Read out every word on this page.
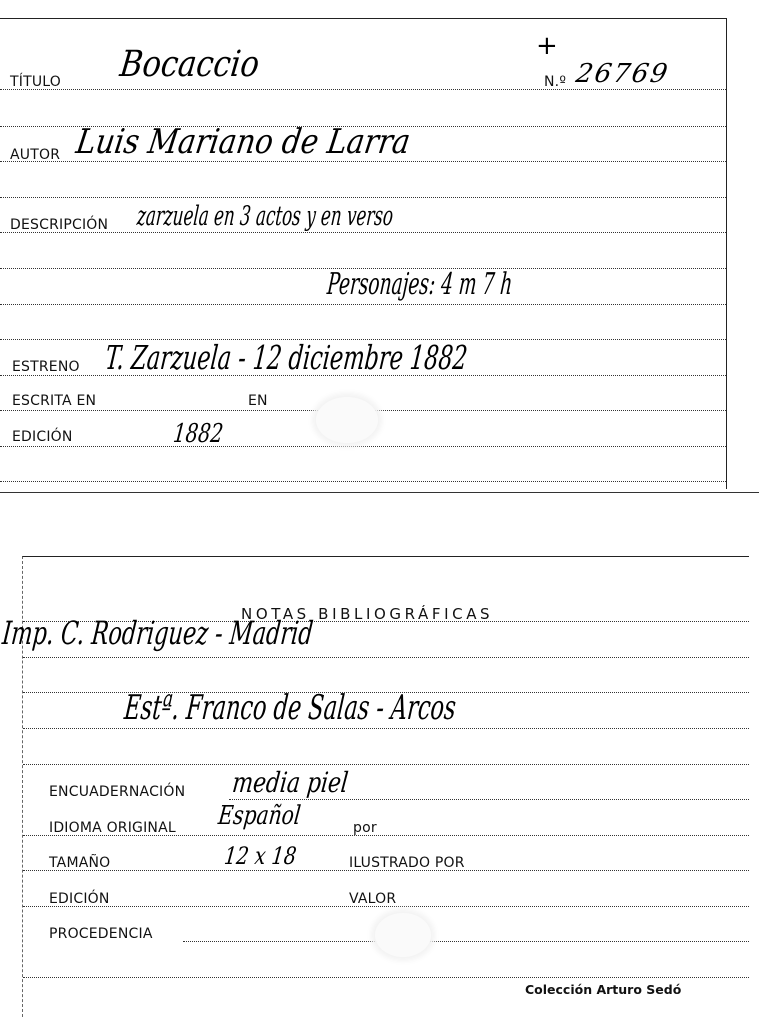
TÍTULO Bocaccio	+
N.º 26769
AUTOR Luis Mariano de Larra
DESCRIPCIÓN zarzuela en 3 actos y en verso
Personajes: 4 m 7 h
ESTRENO T. Zarzuela - 12 diciembre 1882
ESCRITA EN	EN
EDICIÓN	1882
NOTAS BIBLIOGRÁFICAS
Imp. C. Rodriguez - Madrid
Estª. Franco de Salas - Arcos
ENCUADERNACIÓN media piel
IDIOMA ORIGINAL Español	por
TAMAÑO	12 x 18	ILUSTRADO POR
EDICIÓN	VALOR
PROCEDENCIA
Colección Arturo Sedó
